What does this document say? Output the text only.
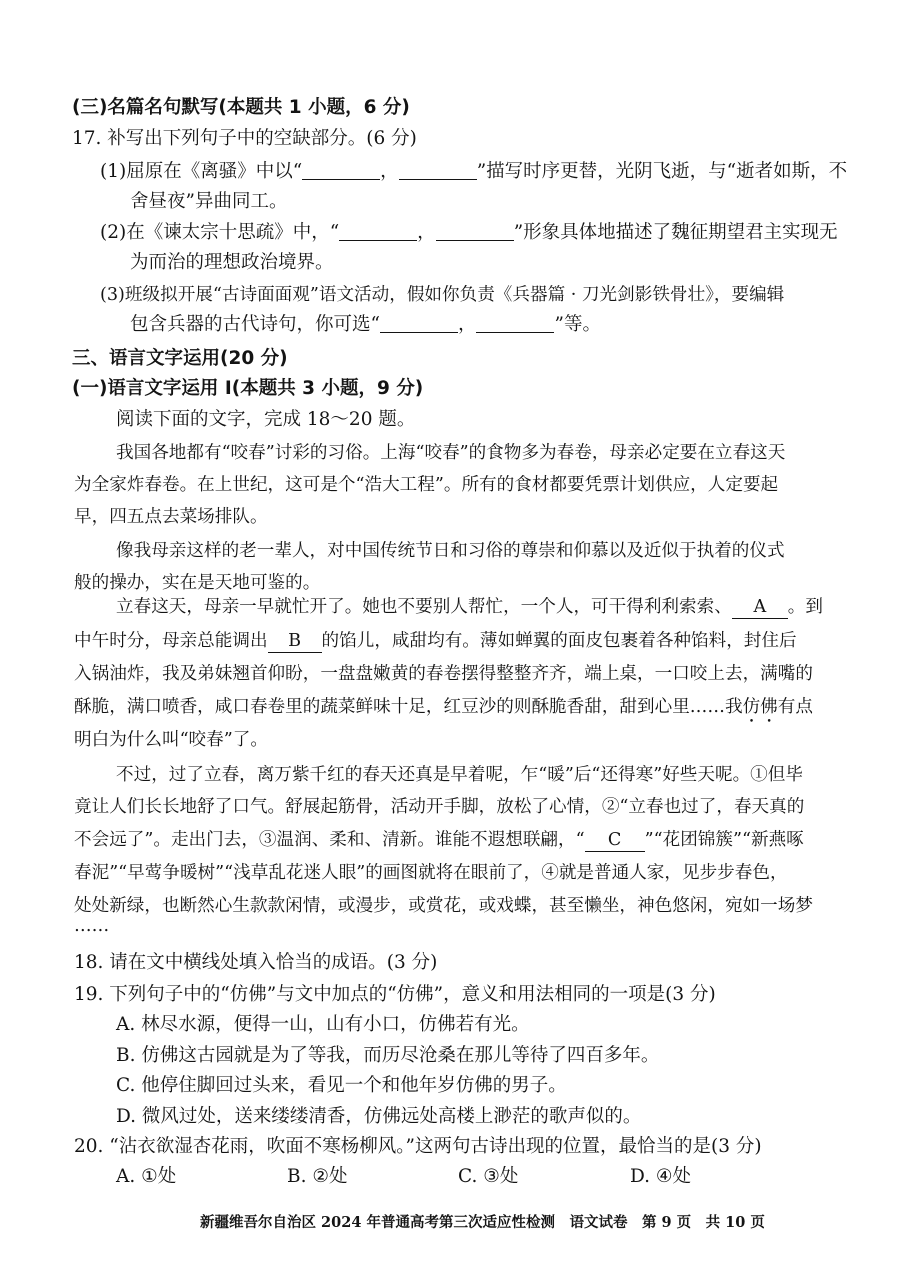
(三)名篇名句默写(本题共 1 小题，6 分)
17. 补写出下列句子中的空缺部分。(6 分)
(1)屈原在《离骚》中以“	，	”描写时序更替，光阴飞逝，与“逝者如斯，不
舍昼夜”异曲同工。
(2)在《谏太宗十思疏》中，“	，	”形象具体地描述了魏征期望君主实现无
为而治的理想政治境界。
(3)班级拟开展“古诗面面观”语文活动，假如你负责《兵器篇 · 刀光剑影铁骨壮》，要编辑
包含兵器的古代诗句，你可选“	，	”等。
三、语言文字运用(20 分)
(一)语言文字运用 Ⅰ(本题共 3 小题，9 分)
阅读下面的文字，完成 18～20 题。
我国各地都有“咬春”讨彩的习俗。上海“咬春”的食物多为春卷，母亲必定要在立春这天
为全家炸春卷。在上世纪，这可是个“浩大工程”。所有的食材都要凭票计划供应，人定要起
早，四五点去菜场排队。
像我母亲这样的老一辈人，对中国传统节日和习俗的尊崇和仰慕以及近似于执着的仪式
般的操办，实在是天地可鉴的。
立春这天，母亲一早就忙开了。她也不要别人帮忙，一个人，可干得利利索索、 A 。到
中午时分，母亲总能调出 B 的馅儿，咸甜均有。薄如蝉翼的面皮包裹着各种馅料，封住后
入锅油炸，我及弟妹翘首仰盼，一盘盘嫩黄的春卷摆得整整齐齐，端上桌，一口咬上去，满嘴的
酥脆，满口喷香，咸口春卷里的蔬菜鲜味十足，红豆沙的则酥脆香甜，甜到心里……我仿佛有点
明白为什么叫“咬春”了。
不过，过了立春，离万紫千红的春天还真是早着呢，乍“暖”后“还得寒”好些天呢。①但毕
竟让人们长长地舒了口气。舒展起筋骨，活动开手脚，放松了心情，②“立春也过了，春天真的
不会远了”。走出门去，③温润、柔和、清新。谁能不遐想联翩，“ C ”“花团锦簇”“新燕啄
春泥”“早莺争暖树”“浅草乱花迷人眼”的画图就将在眼前了，④就是普通人家，见步步春色，
处处新绿，也断然心生款款闲情，或漫步，或赏花，或戏蝶，甚至懒坐，神色悠闲，宛如一场梦
……
18. 请在文中横线处填入恰当的成语。(3 分)
19. 下列句子中的“仿佛”与文中加点的“仿佛”，意义和用法相同的一项是(3 分)
A. 林尽水源，便得一山，山有小口，仿佛若有光。
B. 仿佛这古园就是为了等我，而历尽沧桑在那儿等待了四百多年。
C. 他停住脚回过头来，看见一个和他年岁仿佛的男子。
D. 微风过处，送来缕缕清香，仿佛远处高楼上渺茫的歌声似的。
20. “沾衣欲湿杏花雨，吹面不寒杨柳风。”这两句古诗出现的位置，最恰当的是(3 分)
A. ①处	B. ②处	C. ③处	D. ④处
新疆维吾尔自治区 2024 年普通高考第三次适应性检测　语文试卷　第 9 页　共 10 页
